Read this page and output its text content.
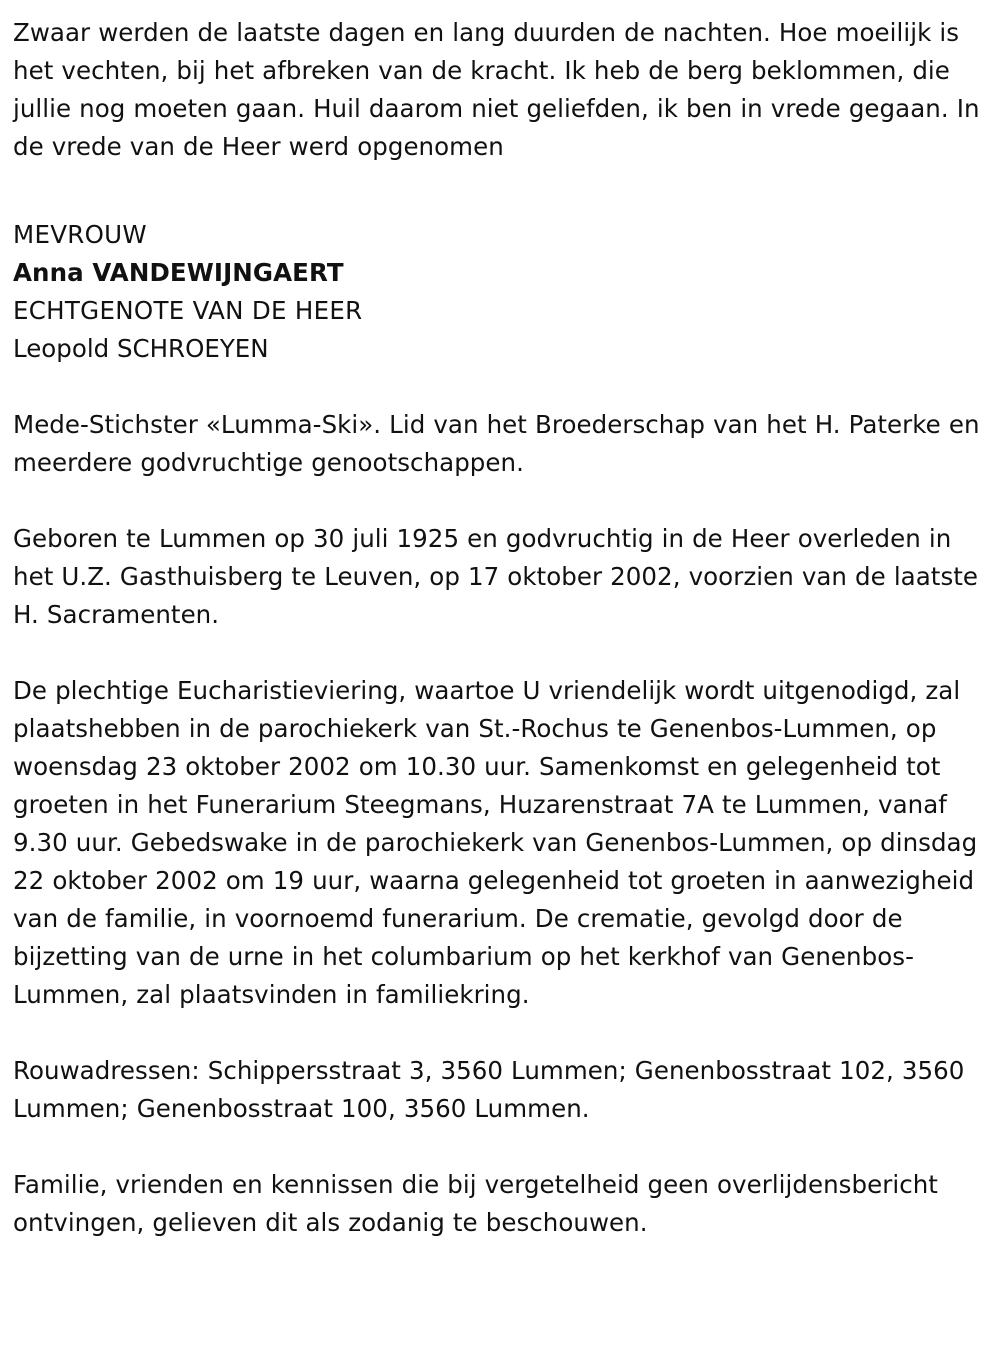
Zwaar werden de laatste dagen en lang duurden de nachten. Hoe moeilijk is het vechten, bij het afbreken van de kracht. Ik heb de berg beklommen, die jullie nog moeten gaan. Huil daarom niet geliefden, ik ben in vrede gegaan. In de vrede van de Heer werd opgenomen

MEVROUW

Anna VANDEWIJNGAERT

ECHTGENOTE VAN DE HEER

Leopold SCHROEYEN

Mede-Stichster «Lumma-Ski». Lid van het Broederschap van het H. Paterke en meerdere godvruchtige genootschappen.

Geboren te Lummen op 30 juli 1925 en godvruchtig in de Heer overleden in het U.Z. Gasthuisberg te Leuven, op 17 oktober 2002, voorzien van de laatste H. Sacramenten.

De plechtige Eucharistieviering, waartoe U vriendelijk wordt uitgenodigd, zal plaatshebben in de parochiekerk van St.-Rochus te Genenbos-Lummen, op woensdag 23 oktober 2002 om 10.30 uur. Samenkomst en gelegenheid tot groeten in het Funerarium Steegmans, Huzarenstraat 7A te Lummen, vanaf 9.30 uur. Gebedswake in de parochiekerk van Genenbos-Lummen, op dinsdag 22 oktober 2002 om 19 uur, waarna gelegenheid tot groeten in aanwezigheid van de familie, in voornoemd funerarium. De crematie, gevolgd door de bijzetting van de urne in het columbarium op het kerkhof van Genenbos-Lummen, zal plaatsvinden in familiekring.

Rouwadressen: Schippersstraat 3, 3560 Lummen; Genenbosstraat 102, 3560 Lummen; Genenbosstraat 100, 3560 Lummen.

Familie, vrienden en kennissen die bij vergetelheid geen overlijdensbericht ontvingen, gelieven dit als zodanig te beschouwen.
